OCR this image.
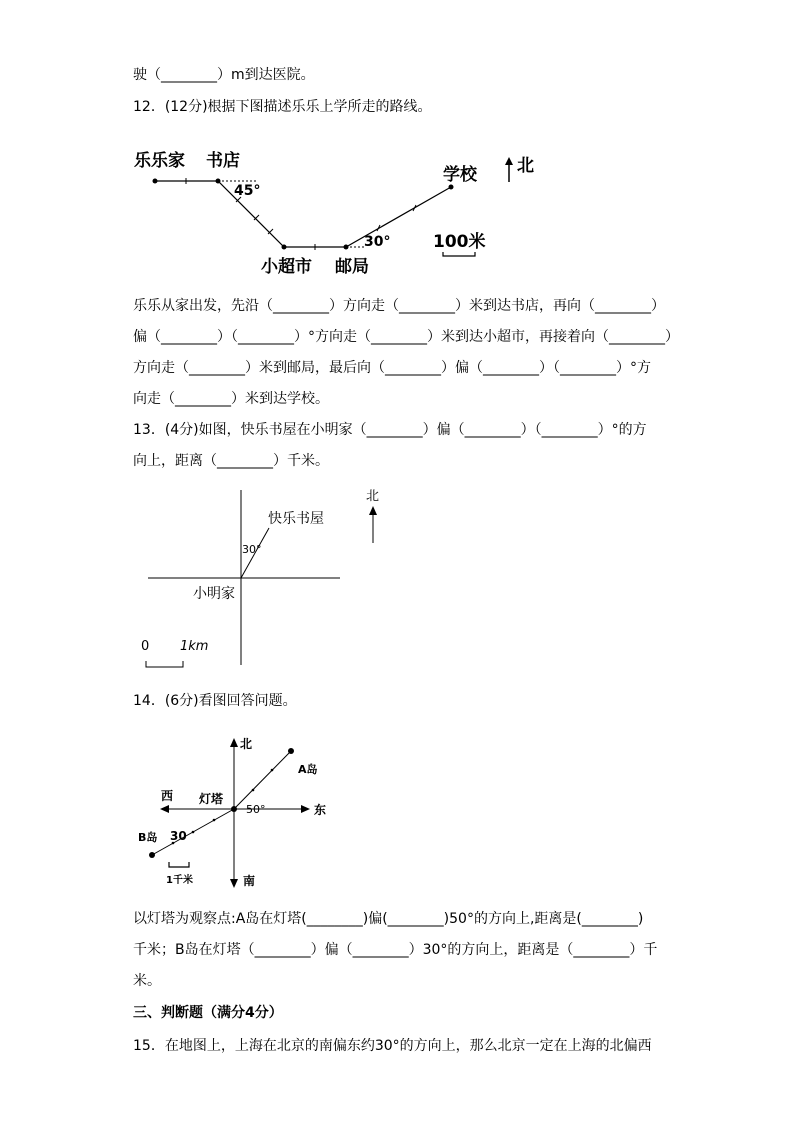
驶（________）m到达医院。
12．(12分)根据下图描述乐乐上学所走的路线。
乐乐家 书店
学校 北
45°
30°
小超市 邮局
100米
乐乐从家出发，先沿（________）方向走（________）米到达书店，再向（________）
偏（________）（________）°方向走（________）米到达小超市，再接着向（________）
方向走（________）米到邮局，最后向（________）偏（________）（________）°方
向走（________）米到达学校。
13．(4分)如图，快乐书屋在小明家（________）偏（________）（________）°的方
向上，距离（________）千米。
快乐书屋
30°
小明家
北
0 1km
14．(6分)看图回答问题。
北
A岛
西 灯塔
50°	东
B岛 30
1千米	南
以灯塔为观察点:A岛在灯塔(________)偏(________)50°的方向上,距离是(________)
千米；B岛在灯塔（________）偏（________）30°的方向上，距离是（________）千
米。
三、判断题（满分4分）
15．在地图上，上海在北京的南偏东约30°的方向上，那么北京一定在上海的北偏西
